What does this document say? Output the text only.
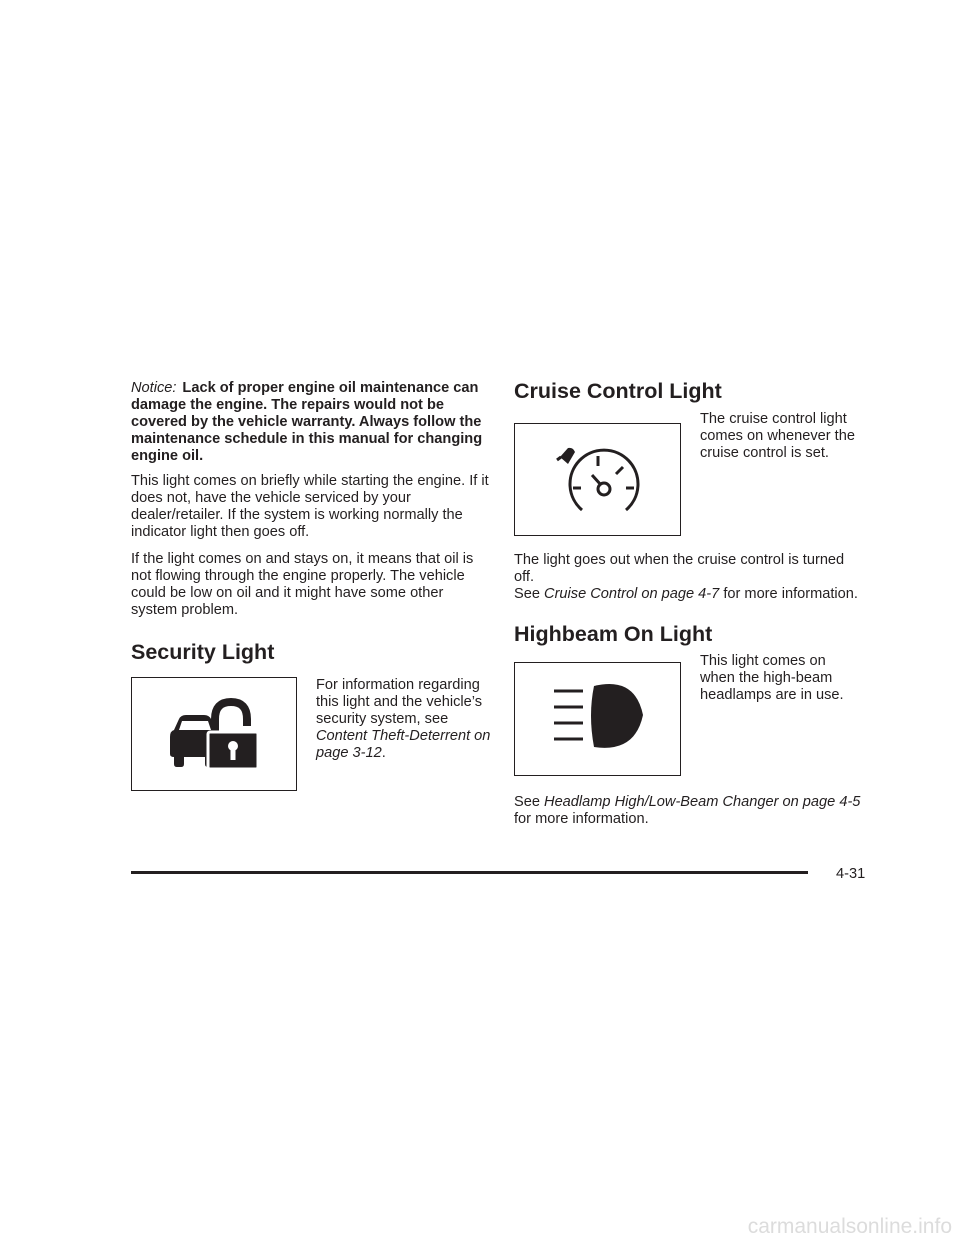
Notice: Lack of proper engine oil maintenance can damage the engine. The repairs would not be covered by the vehicle warranty. Always follow the maintenance schedule in this manual for changing engine oil.

This light comes on briefly while starting the engine. If it does not, have the vehicle serviced by your dealer/retailer. If the system is working normally the indicator light then goes off.

If the light comes on and stays on, it means that oil is not flowing through the engine properly. The vehicle could be low on oil and it might have some other system problem.

Security Light
For information regarding this light and the vehicle’s security system, see Content Theft-Deterrent on page 3-12.
Cruise Control Light
The cruise control light comes on whenever the cruise control is set.

The light goes out when the cruise control is turned off.
See Cruise Control on page 4-7 for more information.

Highbeam On Light
This light comes on when the high-beam headlamps are in use.

See Headlamp High/Low-Beam Changer on page 4-5
for more information.

4-31
carmanualsonline.info
